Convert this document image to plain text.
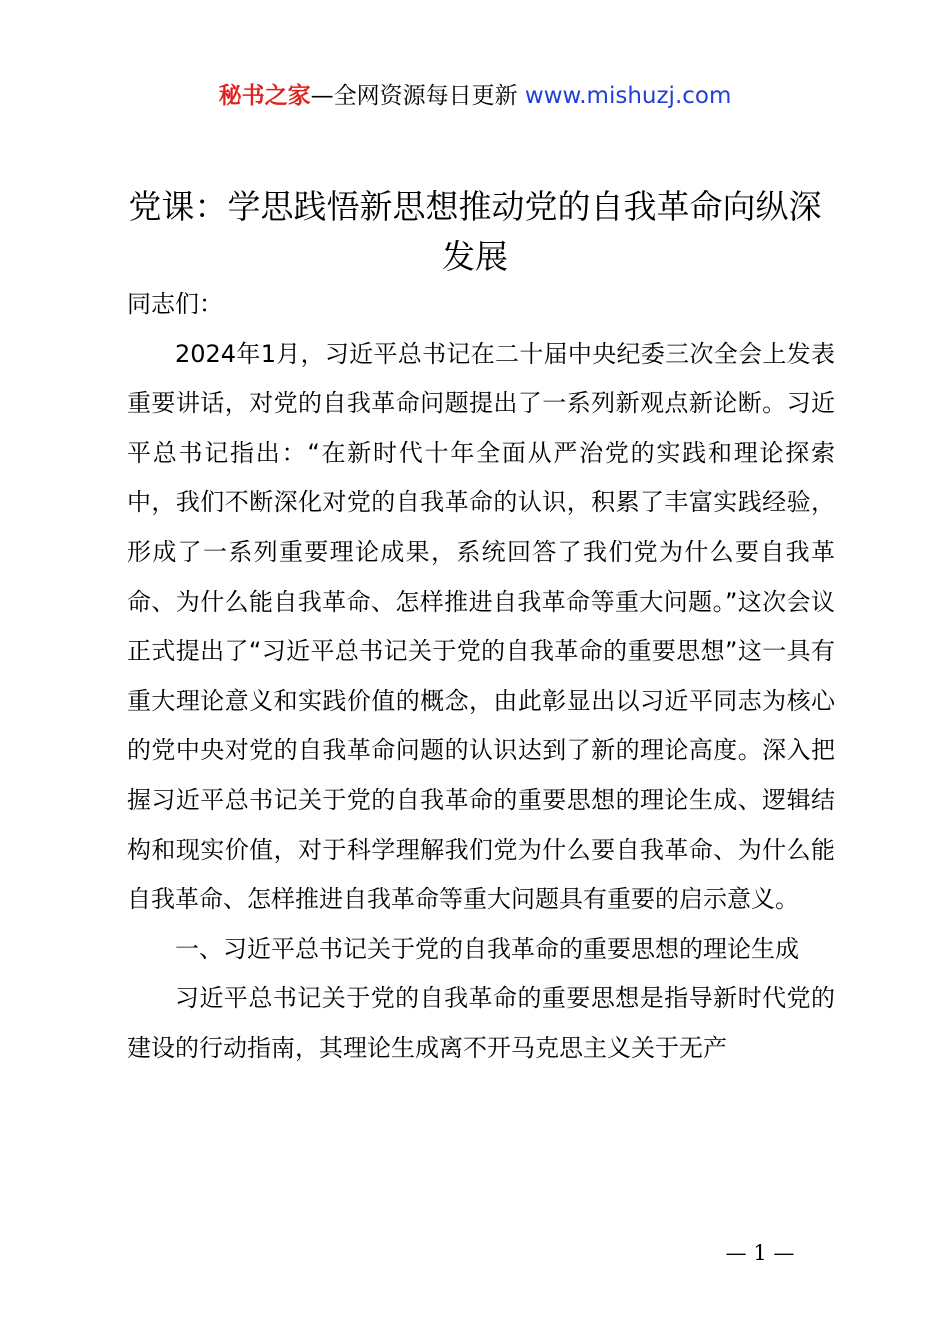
秘书之家—全网资源每日更新 www.mishuzj.com
党课：学思践悟新思想推动党的自我革命向纵深发展

同志们：

2024年1月，习近平总书记在二十届中央纪委三次全会上发表重要讲话，对党的自我革命问题提出了一系列新观点新论断。习近平总书记指出：“在新时代十年全面从严治党的实践和理论探索中，我们不断深化对党的自我革命的认识，积累了丰富实践经验，形成了一系列重要理论成果，系统回答了我们党为什么要自我革命、为什么能自我革命、怎样推进自我革命等重大问题。”这次会议正式提出了“习近平总书记关于党的自我革命的重要思想”这一具有重大理论意义和实践价值的概念，由此彰显出以习近平同志为核心的党中央对党的自我革命问题的认识达到了新的理论高度。深入把握习近平总书记关于党的自我革命的重要思想的理论生成、逻辑结构和现实价值，对于科学理解我们党为什么要自我革命、为什么能自我革命、怎样推进自我革命等重大问题具有重要的启示意义。

一、习近平总书记关于党的自我革命的重要思想的理论生成

习近平总书记关于党的自我革命的重要思想是指导新时代党的建设的行动指南，其理论生成离不开马克思主义关于无产

— 1 —
